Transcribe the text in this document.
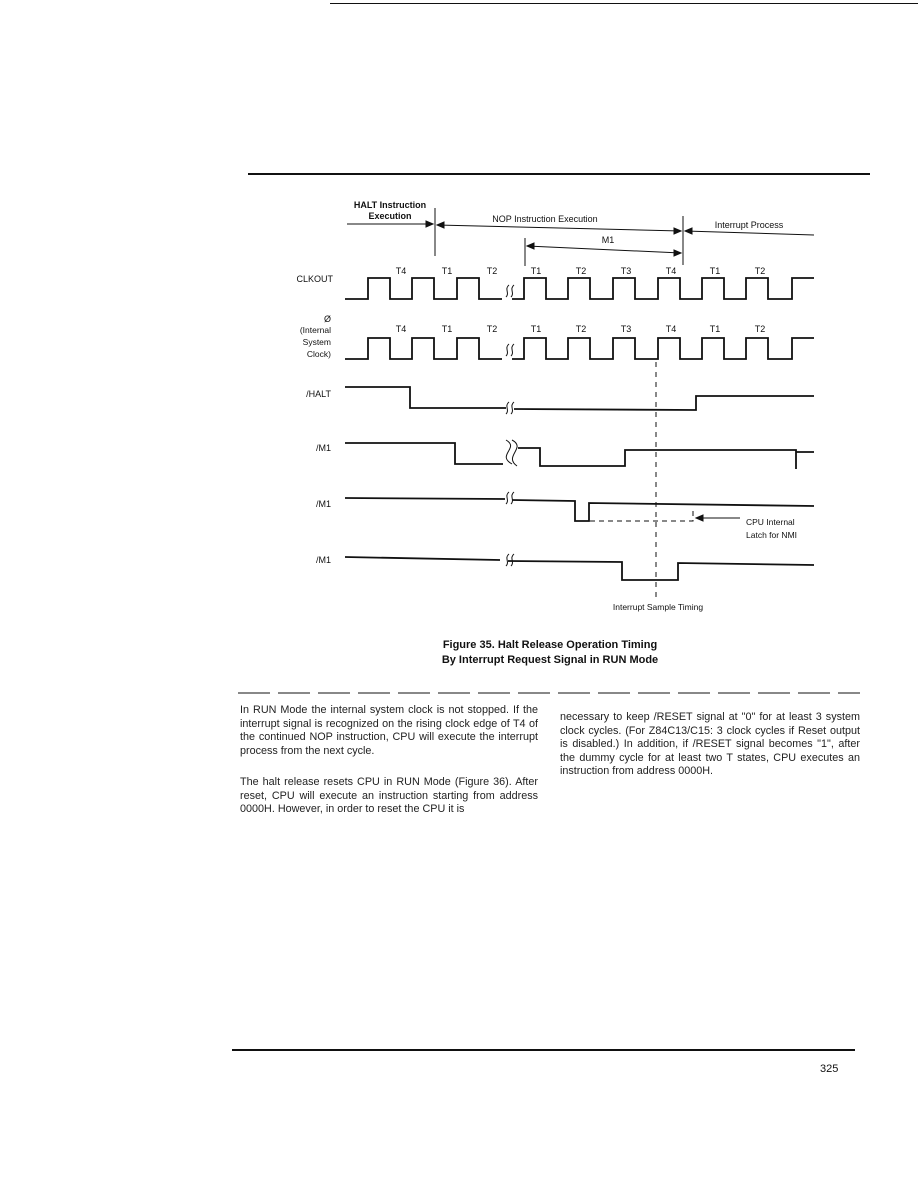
HALT Instruction
Execution	NOP Instruction Execution
Interrupt Process
M1
CLKOUT
Ø
(Internal
System
Clock)
/HALT
/M1
/M1
/M1
CPU Internal
Latch for NMI
Interrupt Sample Timing
T4	T1	T2	T1	T2	T3	T4	T1	T2
T4	T1	T2	T1	T2	T3	T4	T1	T2
Figure 35. Halt Release Operation Timing
By Interrupt Request Signal in RUN Mode

In RUN Mode the internal system clock is not stopped. If the interrupt signal is recognized on the rising clock edge of T4 of the continued NOP instruction, CPU will execute the interrupt process from the next cycle.

The halt release resets CPU in RUN Mode (Figure 36). After reset, CPU will execute an instruction starting from address 0000H. However, in order to reset the CPU it is

necessary to keep /RESET signal at "0" for at least 3 system clock cycles. (For Z84C13/C15: 3 clock cycles if Reset output is disabled.) In addition, if /RESET signal becomes "1", after the dummy cycle for at least two T states, CPU executes an instruction from address 0000H.

325
